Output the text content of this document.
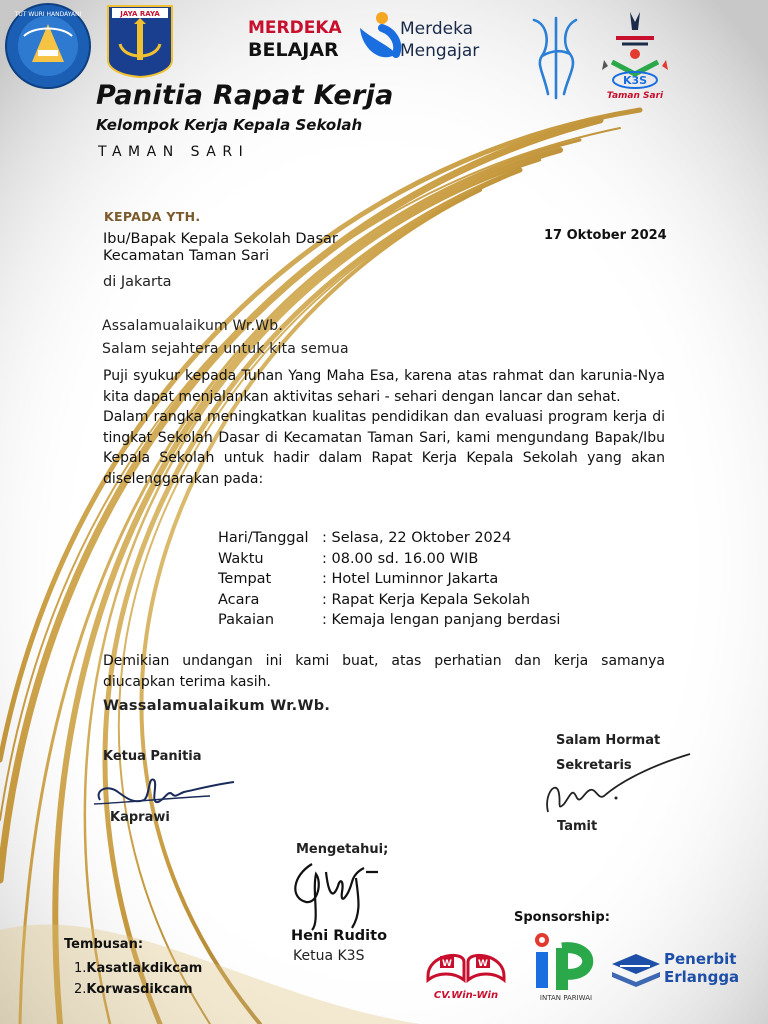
TUT WURI HANDAYANI	JAYA RAYA
MERDEKA
BELAJAR
Merdeka
Mengajar
K3S
Taman Sari
Panitia Rapat Kerja
Kelompok Kerja Kepala Sekolah
TAMAN SARI
KEPADA YTH.
Ibu/Bapak Kepala Sekolah Dasar
Kecamatan Taman Sari
di Jakarta
17 Oktober 2024
Assalamualaikum Wr.Wb.
Salam sejahtera untuk kita semua

Puji syukur kepada Tuhan Yang Maha Esa, karena atas rahmat dan karunia-Nya kita dapat menjalankan aktivitas sehari - sehari dengan lancar dan sehat.

Dalam rangka meningkatkan kualitas pendidikan dan evaluasi program kerja di tingkat Sekolah Dasar di Kecamatan Taman Sari, kami mengundang Bapak/Ibu Kepala Sekolah untuk hadir dalam Rapat Kerja Kepala Sekolah yang akan diselenggarakan pada:

Hari/Tanggal : Selasa, 22 Oktober 2024
Waktu	: 08.00 sd. 16.00 WIB
Tempat	: Hotel Luminnor Jakarta
Acara	: Rapat Kerja Kepala Sekolah
Pakaian	: Kemaja lengan panjang berdasi
Demikian undangan ini kami buat, atas perhatian dan kerja samanya diucapkan terima kasih.
Wassalamualaikum Wr.Wb.
Ketua Panitia
Kaprawi
Salam Hormat
Sekretaris
Tamit
Mengetahui;
Heni Rudito
Ketua K3S
Sponsorship:
Tembusan:
1.Kasatlakdikcam
2.Korwasdikcam
W	W
CV.Win-Win	INTAN PARIWAI
Penerbit
Erlangga
